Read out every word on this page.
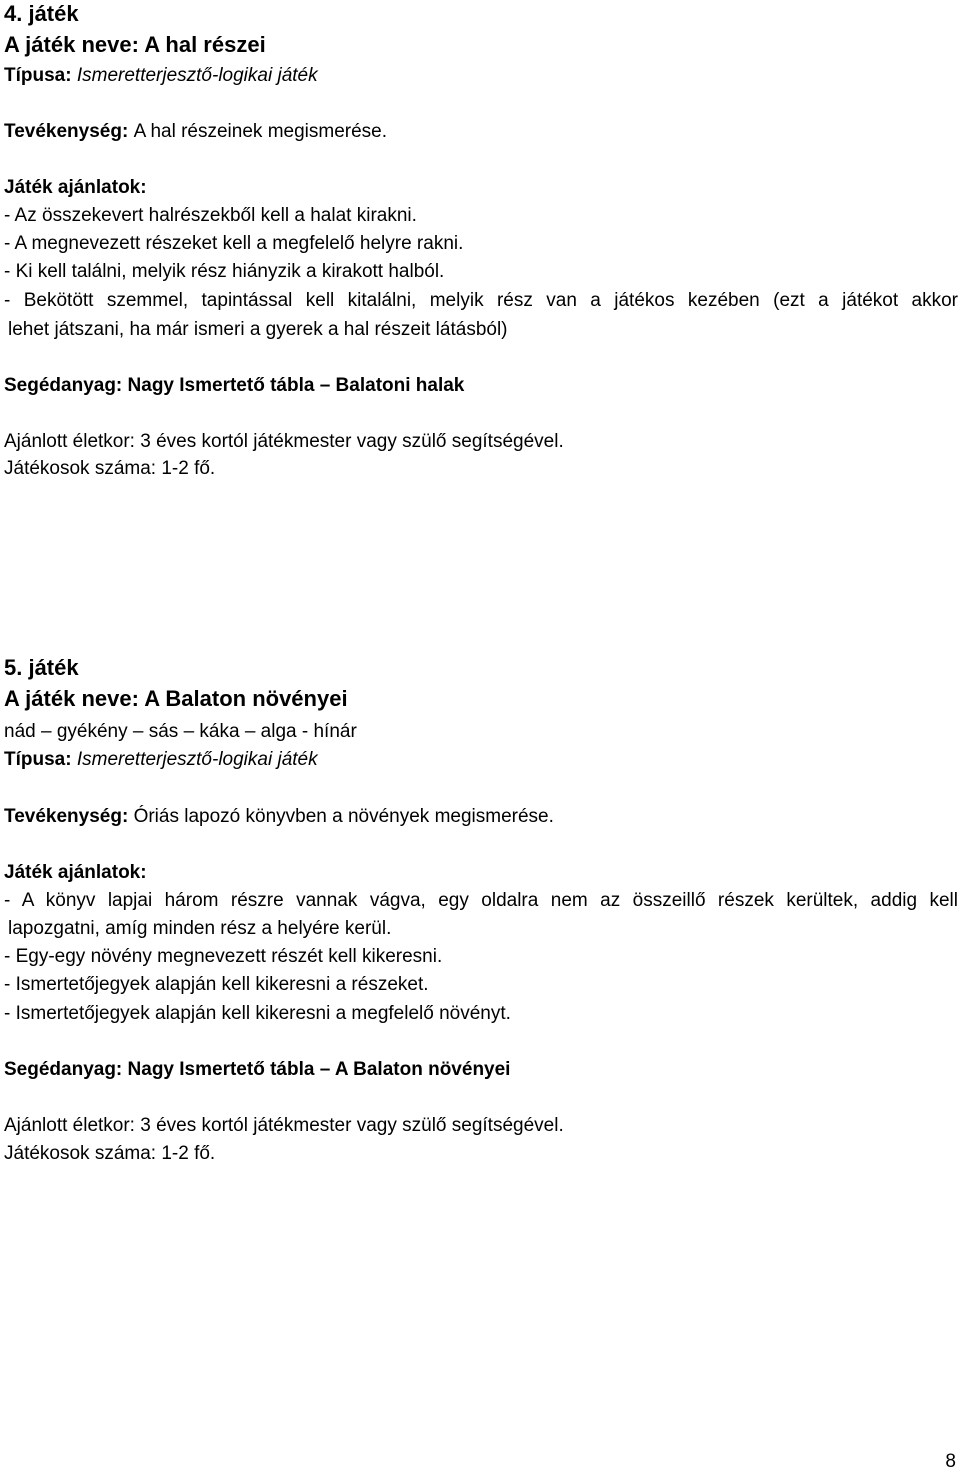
4. játék
A játék neve: A hal részei
Típusa: Ismeretterjesztő-logikai játék
Tevékenység: A hal részeinek megismerése.
Játék ajánlatok:
- Az összekevert halrészekből kell a halat kirakni.
- A megnevezett részeket kell a megfelelő helyre rakni.
- Ki kell találni, melyik rész hiányzik a kirakott halból.
- Bekötött szemmel, tapintással kell kitalálni, melyik rész van a játékos kezében (ezt a játékot akkor
lehet játszani, ha már ismeri a gyerek a hal részeit látásból)
Segédanyag: Nagy Ismertető tábla – Balatoni halak
Ajánlott életkor: 3 éves kortól játékmester vagy szülő segítségével.
Játékosok száma: 1-2 fő.
5. játék
A játék neve: A Balaton növényei
nád – gyékény – sás – káka – alga - hínár
Típusa: Ismeretterjesztő-logikai játék
Tevékenység: Óriás lapozó könyvben a növények megismerése.
Játék ajánlatok:
- A könyv lapjai három részre vannak vágva, egy oldalra nem az összeillő részek kerültek, addig kell
lapozgatni, amíg minden rész a helyére kerül.
- Egy-egy növény megnevezett részét kell kikeresni.
- Ismertetőjegyek alapján kell kikeresni a részeket.
- Ismertetőjegyek alapján kell kikeresni a megfelelő növényt.
Segédanyag: Nagy Ismertető tábla – A Balaton növényei
Ajánlott életkor: 3 éves kortól játékmester vagy szülő segítségével.
Játékosok száma: 1-2 fő.
8
